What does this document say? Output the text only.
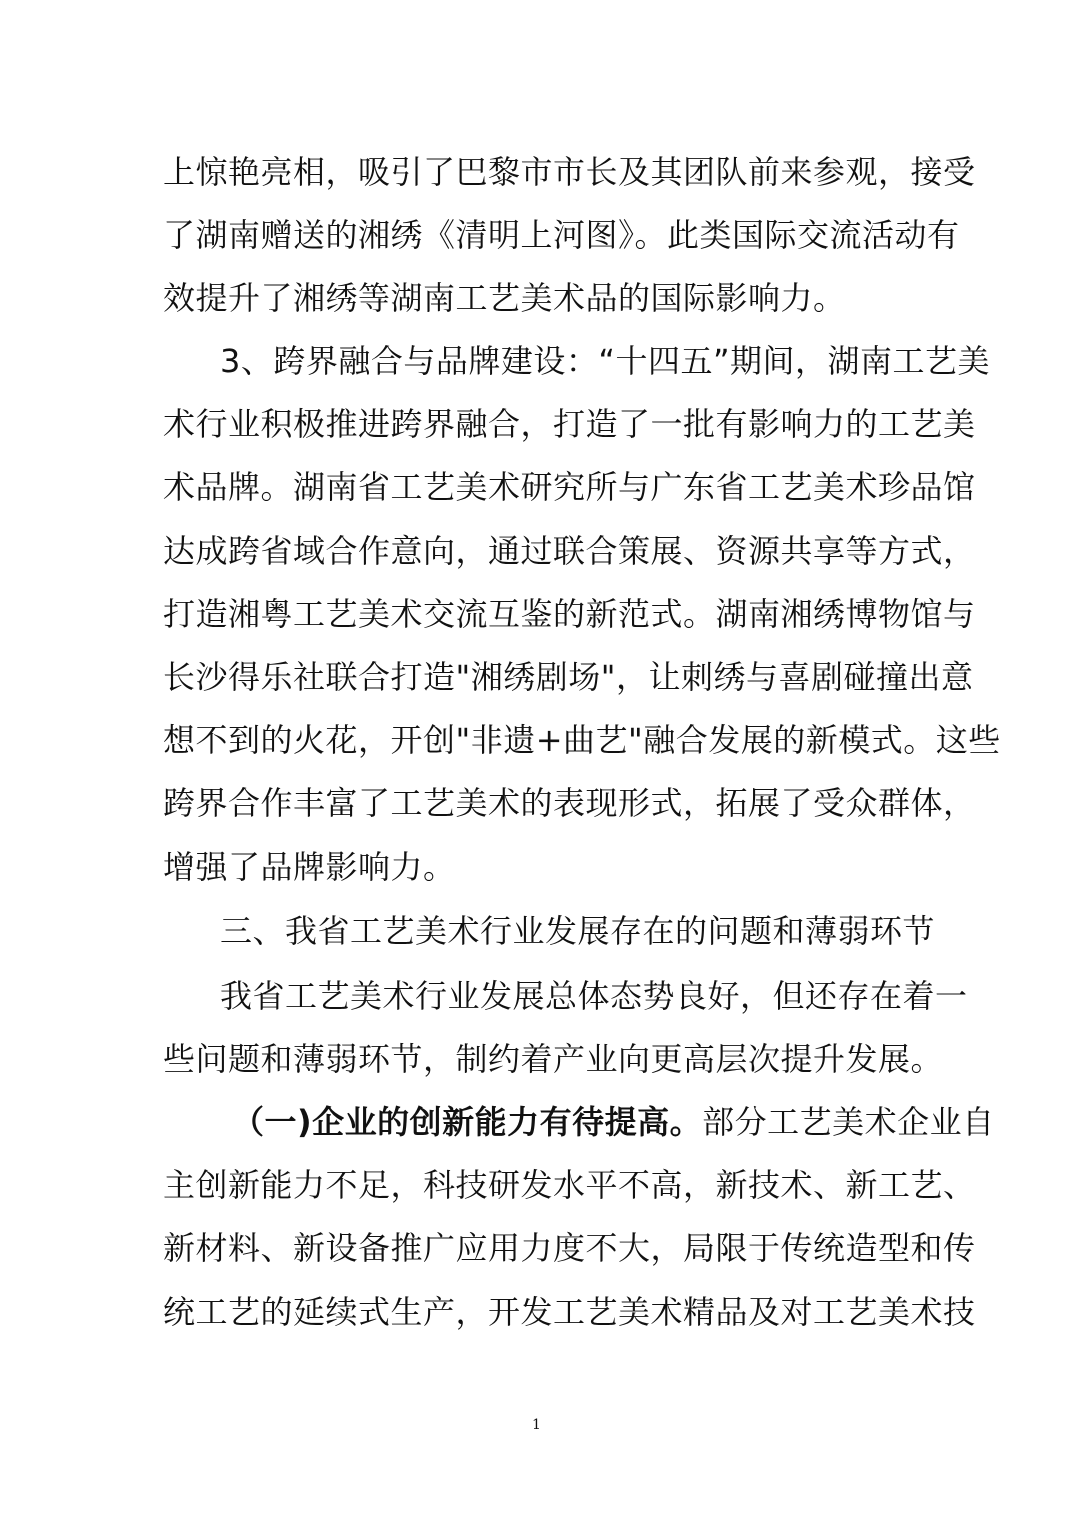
上惊艳亮相，吸引了巴黎市市长及其团队前来参观，接受
了湖南赠送的湘绣《清明上河图》。此类国际交流活动有
效提升了湘绣等湖南工艺美术品的国际影响力。
3、跨界融合与品牌建设：“十四五”期间，湖南工艺美
术行业积极推进跨界融合，打造了一批有影响力的工艺美
术品牌。湖南省工艺美术研究所与广东省工艺美术珍品馆
达成跨省域合作意向，通过联合策展、资源共享等方式，
打造湘粤工艺美术交流互鉴的新范式。湖南湘绣博物馆与
长沙得乐社联合打造"湘绣剧场"，让刺绣与喜剧碰撞出意
想不到的火花，开创"非遗+曲艺"融合发展的新模式。这些
跨界合作丰富了工艺美术的表现形式，拓展了受众群体，
增强了品牌影响力。
三、我省工艺美术行业发展存在的问题和薄弱环节
我省工艺美术行业发展总体态势良好，但还存在着一
些问题和薄弱环节，制约着产业向更高层次提升发展。
（一)企业的创新能力有待提高。部分工艺美术企业自
主创新能力不足，科技研发水平不高，新技术、新工艺、
新材料、新设备推广应用力度不大，局限于传统造型和传
统工艺的延续式生产，开发工艺美术精品及对工艺美术技
1
